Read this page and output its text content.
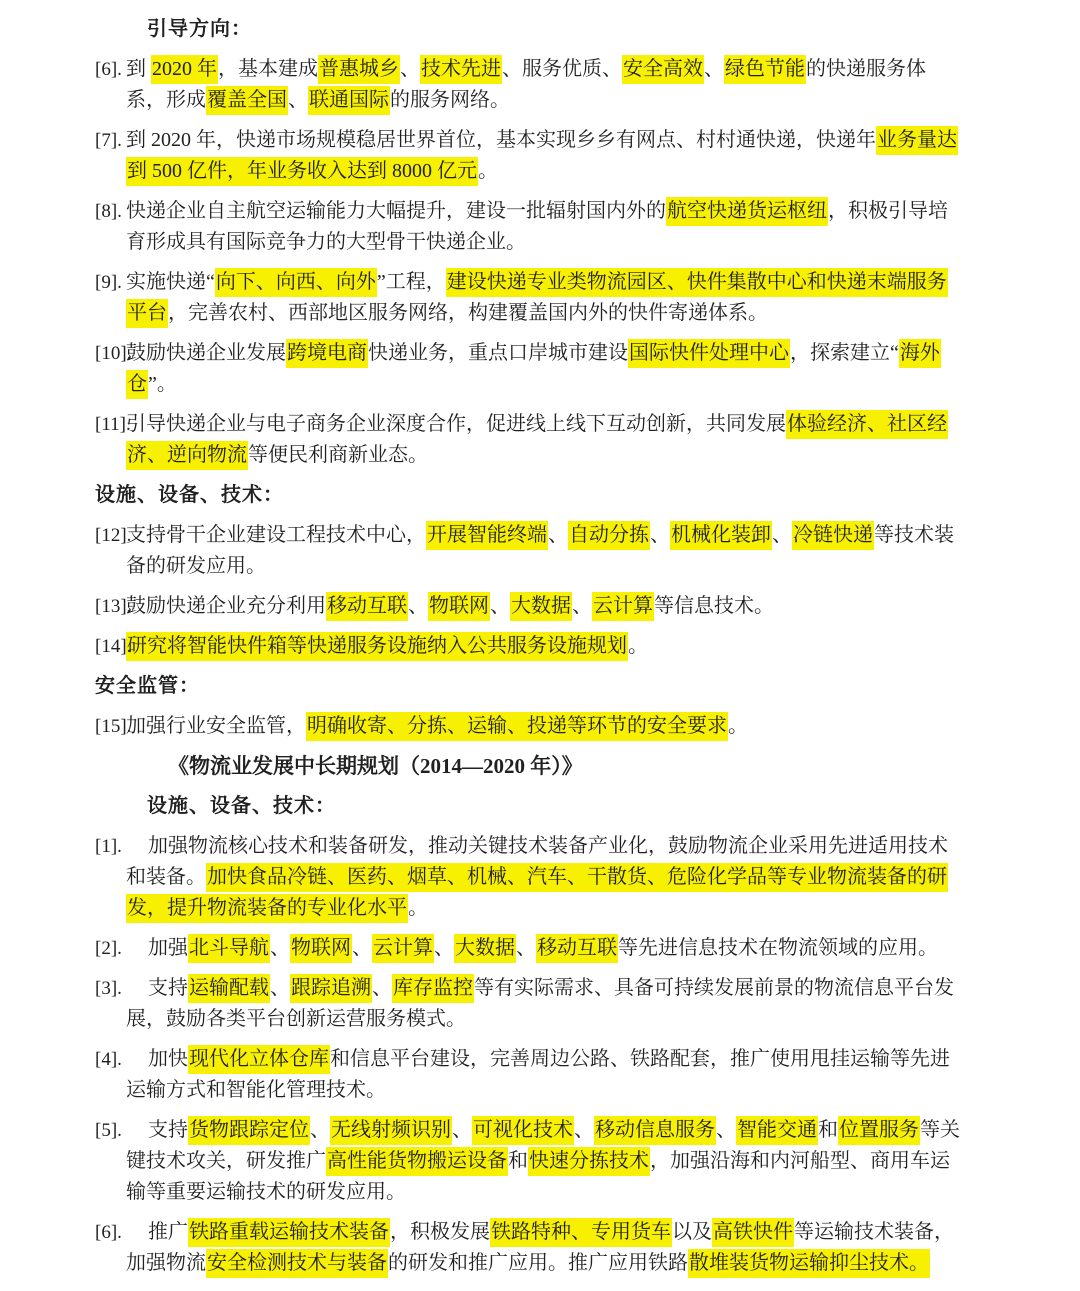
引导方向：
[6]. 到 2020 年，基本建成普惠城乡、技术先进、服务优质、安全高效、绿色节能的快递服务体系，形成覆盖全国、联通国际的服务网络。
[7]. 到 2020 年，快递市场规模稳居世界首位，基本实现乡乡有网点、村村通快递，快递年业务量达到 500 亿件，年业务收入达到 8000 亿元。
[8]. 快递企业自主航空运输能力大幅提升，建设一批辐射国内外的航空快递货运枢纽，积极引导培育形成具有国际竞争力的大型骨干快递企业。
[9]. 实施快递“向下、向西、向外”工程，建设快递专业类物流园区、快件集散中心和快递末端服务平台，完善农村、西部地区服务网络，构建覆盖国内外的快件寄递体系。
[10].
鼓励快递企业发展跨境电商快递业务，重点口岸城市建设国际快件处理中心，探索建立“海外仓”。
[11].
引导快递企业与电子商务企业深度合作，促进线上线下互动创新，共同发展体验经济、社区经济、逆向物流等便民利商新业态。
设施、设备、技术：
[12].
支持骨干企业建设工程技术中心，开展智能终端、自动分拣、机械化装卸、冷链快递等技术装备的研发应用。
[13].
鼓励快递企业充分利用移动互联、物联网、大数据、云计算等信息技术。
[14].
研究将智能快件箱等快递服务设施纳入公共服务设施规划。
安全监管：
[15].
加强行业安全监管，明确收寄、分拣、运输、投递等环节的安全要求。
《物流业发展中长期规划（2014—2020 年）》
设施、设备、技术：
[1]. 加强物流核心技术和装备研发，推动关键技术装备产业化，鼓励物流企业采用先进适用技术和装备。加快食品冷链、医药、烟草、机械、汽车、干散货、危险化学品等专业物流装备的研发，提升物流装备的专业化水平。
[2]. 加强北斗导航、物联网、云计算、大数据、移动互联等先进信息技术在物流领域的应用。
[3]. 支持运输配载、跟踪追溯、库存监控等有实际需求、具备可持续发展前景的物流信息平台发展，鼓励各类平台创新运营服务模式。
[4]. 加快现代化立体仓库和信息平台建设，完善周边公路、铁路配套，推广使用甩挂运输等先进运输方式和智能化管理技术。
[5]. 支持货物跟踪定位、无线射频识别、可视化技术、移动信息服务、智能交通和位置服务等关键技术攻关，研发推广高性能货物搬运设备和快速分拣技术，加强沿海和内河船型、商用车运输等重要运输技术的研发应用。
[6]. 推广铁路重载运输技术装备，积极发展铁路特种、专用货车以及高铁快件等运输技术装备，加强物流安全检测技术与装备的研发和推广应用。推广应用铁路散堆装货物运输抑尘技术。
